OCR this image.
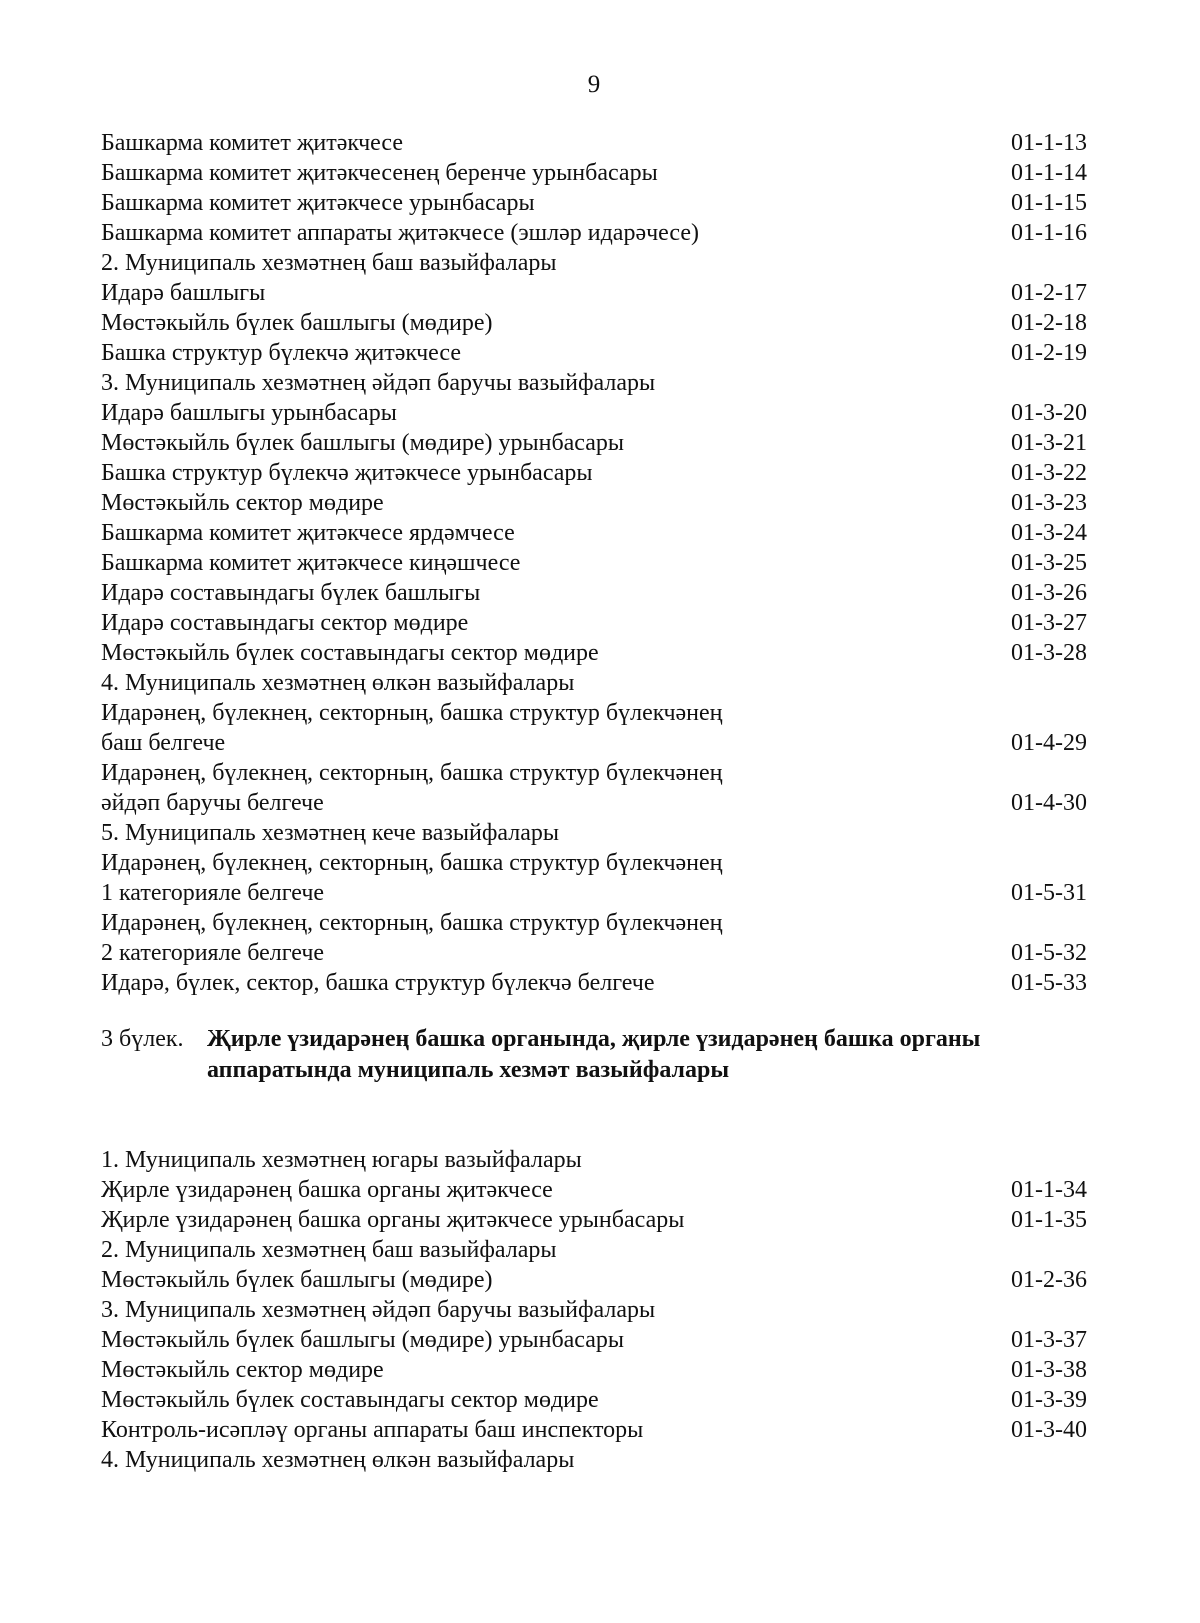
9
Башкарма комитет җитәкчесе	01-1-13
Башкарма комитет җитәкчесенең беренче урынбасары	01-1-14
Башкарма комитет җитәкчесе урынбасары	01-1-15
Башкарма комитет аппараты җитәкчесе (эшләр идарәчесе)	01-1-16
2. Муниципаль хезмәтнең баш вазыйфалары
Идарә башлыгы	01-2-17
Мөстәкыйль бүлек башлыгы (мөдире)	01-2-18
Башка структур бүлекчә җитәкчесе	01-2-19
3. Муниципаль хезмәтнең әйдәп баручы вазыйфалары
Идарә башлыгы урынбасары	01-3-20
Мөстәкыйль бүлек башлыгы (мөдире) урынбасары	01-3-21
Башка структур бүлекчә җитәкчесе урынбасары	01-3-22
Мөстәкыйль сектор мөдире	01-3-23
Башкарма комитет җитәкчесе ярдәмчесе	01-3-24
Башкарма комитет җитәкчесе киңәшчесе	01-3-25
Идарә составындагы бүлек башлыгы	01-3-26
Идарә составындагы сектор мөдире	01-3-27
Мөстәкыйль бүлек составындагы сектор мөдире	01-3-28
4. Муниципаль хезмәтнең өлкән вазыйфалары
Идарәнең, бүлекнең, секторның, башка структур бүлекчәнең
баш белгече	01-4-29
Идарәнең, бүлекнең, секторның, башка структур бүлекчәнең
әйдәп баручы белгече	01-4-30
5. Муниципаль хезмәтнең кече вазыйфалары
Идарәнең, бүлекнең, секторның, башка структур бүлекчәнең
1 категорияле белгече	01-5-31
Идарәнең, бүлекнең, секторның, башка структур бүлекчәнең
2 категорияле белгече	01-5-32
Идарә, бүлек, сектор, башка структур бүлекчә белгече	01-5-33
3 бүлек. Җирле үзидарәнең башка органында, җирле үзидарәнең башка органы
аппаратында муниципаль хезмәт вазыйфалары
1. Муниципаль хезмәтнең югары вазыйфалары
Җирле үзидарәнең башка органы җитәкчесе	01-1-34
Җирле үзидарәнең башка органы җитәкчесе урынбасары	01-1-35
2. Муниципаль хезмәтнең баш вазыйфалары
Мөстәкыйль бүлек башлыгы (мөдире)	01-2-36
3. Муниципаль хезмәтнең әйдәп баручы вазыйфалары
Мөстәкыйль бүлек башлыгы (мөдире) урынбасары	01-3-37
Мөстәкыйль сектор мөдире	01-3-38
Мөстәкыйль бүлек составындагы сектор мөдире	01-3-39
Контроль-исәпләү органы аппараты баш инспекторы	01-3-40
4. Муниципаль хезмәтнең өлкән вазыйфалары
